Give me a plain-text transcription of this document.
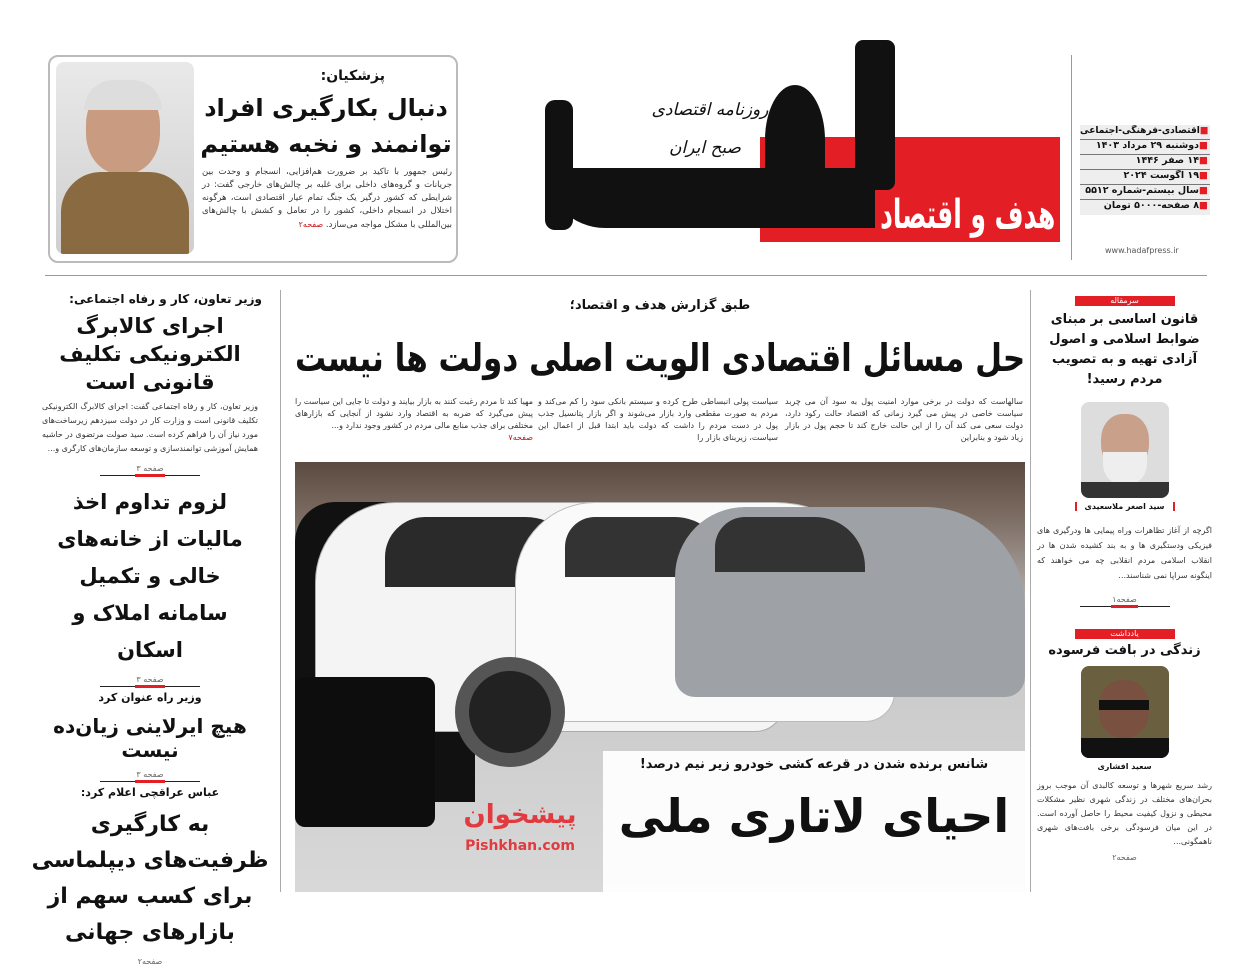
پزشکیان:
دنبال بکارگیری افراد
توانمند و نخبه هستیم
رئیس جمهور با تاکید بر ضرورت هم‌افزایی، انسجام و وحدت بین جریانات و گروه‌های داخلی برای غلبه بر چالش‌های خارجی گفت: در شرایطی که کشور درگیر یک جنگ تمام عیار اقتصادی است، هرگونه اختلال در انسجام داخلی، کشور را در تعامل و کشش با چالش‌های بین‌المللی با مشکل مواجه می‌سازد. صفحه۲	هدف و اقتصاد
روزنامه اقتصادی
صبح ایران
■اقتصادی-فرهنگی-اجتماعی
■دوشنبه ۲۹ مرداد ۱۴۰۳
■۱۴ صفر ۱۴۴۶
■۱۹ آگوست ۲۰۲۴
■سال بیستم-شماره ۵۵۱۲
■۸ صفحه-۵۰۰۰ تومان
www.hadafpress.ir
وزیر تعاون، کار و رفاه اجتماعی:
اجرای کالابرگ الکترونیکی تکلیف قانونی است
وزیر تعاون، کار و رفاه اجتماعی گفت: اجرای کالابرگ الکترونیکی تکلیف قانونی است و وزارت کار در دولت سیزدهم زیرساخت‌های مورد نیاز آن را فراهم کرده است. سید صولت مرتضوی در حاشیه همایش آموزشی توانمندسازی و توسعه سازمان‌های کارگری و...
صفحه ۳
لزوم تداوم اخذ مالیات از خانه‌های خالی و تکمیل سامانه املاک و اسکان
صفحه ۳
وزیر راه عنوان کرد
هیچ ایرلاینی زیان‌ده نیست
صفحه ۳
عباس عراقچی اعلام کرد:
به کارگیری ظرفیت‌های دیپلماسی برای کسب سهم از بازارهای جهانی
صفحه۲
طبق گزارش هدف و اقتصاد؛
حل مسائل اقتصادی الویت اصلی دولت ها نیست
سالهاست که دولت در برخی موارد امنیت پول به سود آن می چربد سیاست خاصی در پیش می گیرد زمانی که اقتصاد حالت رکود دارد، دولت سعی می کند آن را از این حالت خارج کند تا حجم پول در بازار زیاد شود و بنابراین
سیاست پولی انبساطی طرح کرده و سیستم بانکی سود را کم می‌کند و مردم به صورت مقطعی وارد بازار می‌شوند و اگر بازار پتانسیل جذب پول در دست مردم را داشت که دولت باید ابتدا قبل از اعمال این سیاست، زیربنای بازار را
مهیا کند تا مردم رغبت کنند به بازار بیایند و دولت تا جایی این سیاست را پیش می‌گیرد که ضربه به اقتصاد وارد نشود از آنجایی که بازارهای مختلفی برای جذب منابع مالی مردم در کشور وجود ندارد و...
صفحه۷
شانس برنده شدن در قرعه کشی خودرو زیر نیم درصد!
احیای لاتاری ملی
پیشخوان
Pishkhan.com
سرمقاله
قانون اساسی بر مبنای ضوابط اسلامی و اصول آزادی تهیه و به تصویب مردم رسید!
سید اصغر ملاسعیدی
اگرچه از آغاز تظاهرات وراه پیمایی ها ودرگیری های فیزیکی ودستگیری ها و به بند کشیده شدن ها در انقلاب اسلامی مردم انقلابی چه می خواهند که اینگونه سراپا نمی شناسند...
صفحه۱
یادداشت
زندگی در بافت فرسوده
سعید افشاری
رشد سریع شهرها و توسعه کالبدی آن موجب بروز بحران‌های مختلف در زندگی شهری نظیر مشکلات محیطی و نزول کیفیت محیط را حاصل آورده است. در این میان فرسودگی برخی بافت‌های شهری ناهمگونی...
صفحه۲
